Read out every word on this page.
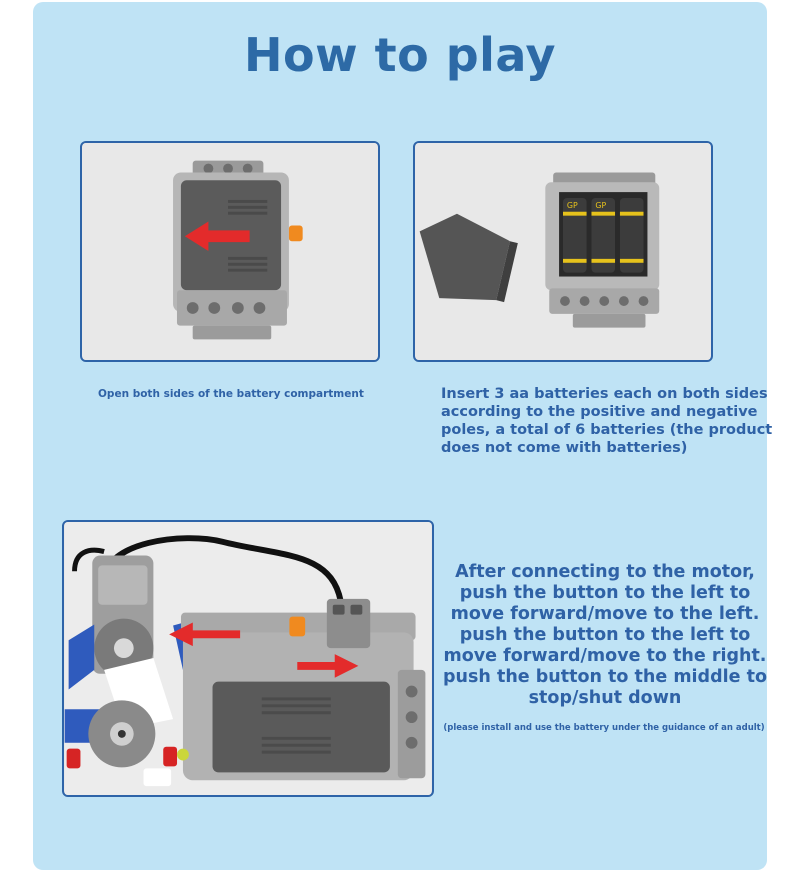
How to play
GP GP
Open both sides of the battery compartment	Insert 3 aa batteries each on both sides according to the positive and negative poles, a total of 6 batteries (the product does not come with batteries)
After connecting to the motor,
push the button to the left to
move forward/move to the left.
push the button to the left to
move forward/move to the right.
push the button to the middle to
stop/shut down
(please install and use the battery under the guidance of an adult)
